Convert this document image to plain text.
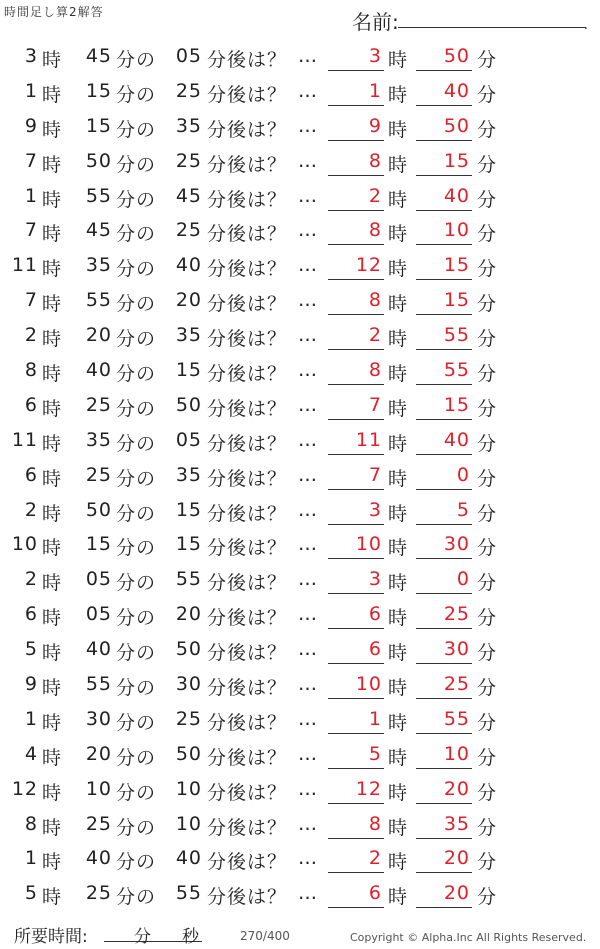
時間足し算2解答	名前:	.
3 時	45 分の	05 分後は？ …	3 時	50 分
1 時	15 分の	25 分後は？ …	1 時	40 分
9 時	15 分の	35 分後は？ …	9 時	50 分
7 時	50 分の	25 分後は？ …	8 時	15 分
1 時	55 分の	45 分後は？ …	2 時	40 分
7 時	45 分の	25 分後は？ …	8 時	10 分
11 時	35 分の	40 分後は？ …	12 時	15 分
7 時	55 分の	20 分後は？ …	8 時	15 分
2 時	20 分の	35 分後は？ …	2 時	55 分
8 時	40 分の	15 分後は？ …	8 時	55 分
6 時	25 分の	50 分後は？ …	7 時	15 分
11 時	35 分の	05 分後は？ …	11 時	40 分
6 時	25 分の	35 分後は？ …	7 時	0 分
2 時	50 分の	15 分後は？ …	3 時	5 分
10 時	15 分の	15 分後は？ …	10 時	30 分
2 時	05 分の	55 分後は？ …	3 時	0 分
6 時	05 分の	20 分後は？ …	6 時	25 分
5 時	40 分の	50 分後は？ …	6 時	30 分
9 時	55 分の	30 分後は？ …	10 時	25 分
1 時	30 分の	25 分後は？ …	1 時	55 分
4 時	20 分の	50 分後は？ …	5 時	10 分
12 時	10 分の	10 分後は？ …	12 時	20 分
8 時	25 分の	10 分後は？ …	8 時	35 分
1 時	40 分の	40 分後は？ …	2 時	20 分
5 時	25 分の	55 分後は？ …	6 時	20 分
所要時間:	分 秒	270/400	Copyright © Alpha.Inc All Rights Reserved.
